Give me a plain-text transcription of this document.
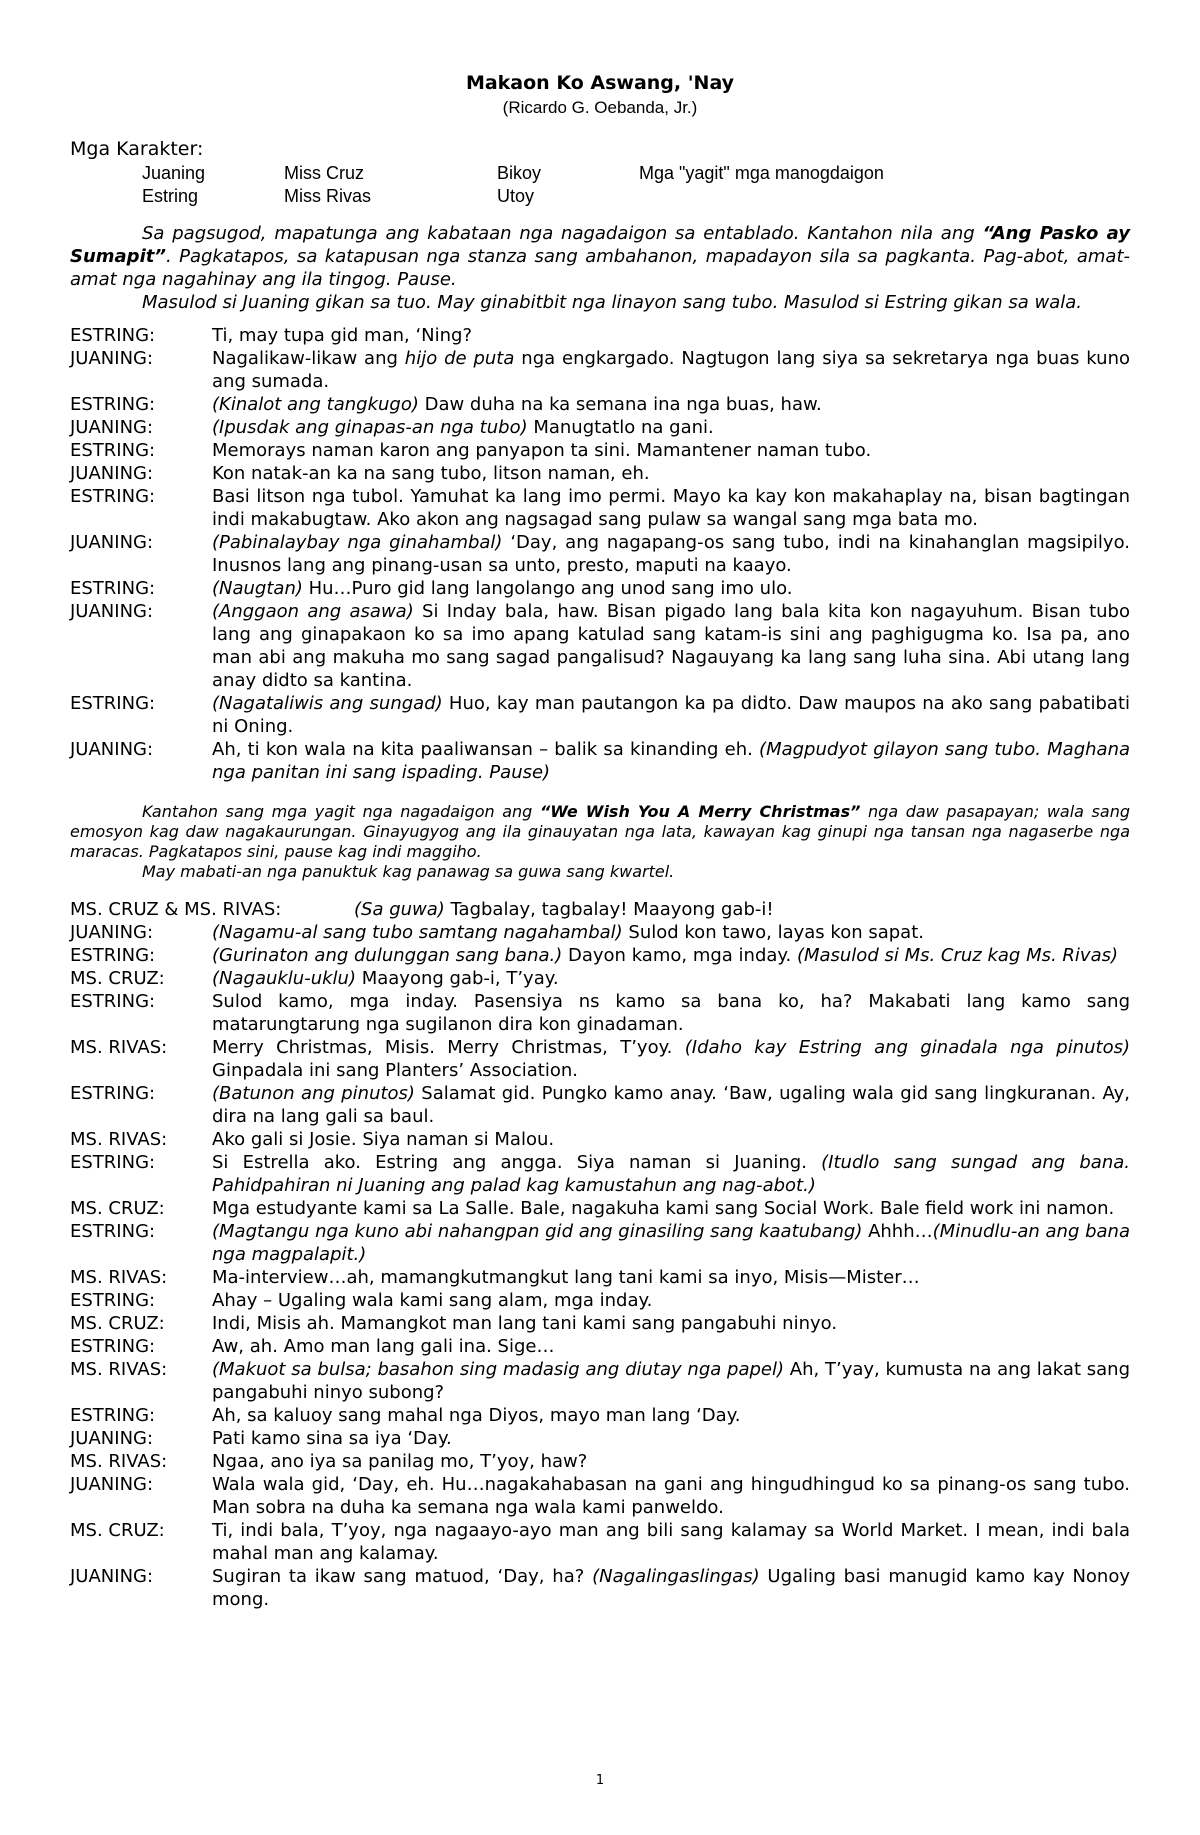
Makaon Ko Aswang, 'Nay

(Ricardo G. Oebanda, Jr.)

Mga Karakter:

Juaning	Miss Cruz	Bikoy	Mga "yagit" mga manogdaigon
Estring	Miss Rivas	Utoy

Sa pagsugod, mapatunga ang kabataan nga nagadaigon sa entablado. Kantahon nila ang “Ang Pasko ay Sumapit”. Pagkatapos, sa katapusan nga stanza sang ambahanon, mapadayon sila sa pagkanta. Pag-abot, amat-amat nga nagahinay ang ila tingog. Pause.

Masulod si Juaning gikan sa tuo. May ginabitbit nga linayon sang tubo. Masulod si Estring gikan sa wala.

ESTRING:	Ti, may tupa gid man, ‘Ning?
JUANING:	Nagalikaw-likaw ang hijo de puta nga engkargado. Nagtugon lang siya sa sekretarya nga buas kuno ang sumada.
ESTRING:	(Kinalot ang tangkugo) Daw duha na ka semana ina nga buas, haw.
JUANING:	(Ipusdak ang ginapas-an nga tubo) Manugtatlo na gani.
ESTRING:	Memorays naman karon ang panyapon ta sini. Mamantener naman tubo.
JUANING:	Kon natak-an ka na sang tubo, litson naman, eh.
ESTRING:	Basi litson nga tubol. Yamuhat ka lang imo permi. Mayo ka kay kon makahaplay na, bisan bagtingan indi makabugtaw. Ako akon ang nagsagad sang pulaw sa wangal sang mga bata mo.
JUANING:	(Pabinalaybay nga ginahambal) ‘Day, ang nagapang-os sang tubo, indi na kinahanglan magsipilyo. Inusnos lang ang pinang-usan sa unto, presto, maputi na kaayo.
ESTRING:	(Naugtan) Hu…Puro gid lang langolango ang unod sang imo ulo.
JUANING:	(Anggaon ang asawa) Si Inday bala, haw. Bisan pigado lang bala kita kon nagayuhum. Bisan tubo lang ang ginapakaon ko sa imo apang katulad sang katam-is sini ang paghigugma ko. Isa pa, ano man abi ang makuha mo sang sagad pangalisud? Nagauyang ka lang sang luha sina. Abi utang lang anay didto sa kantina.
ESTRING:	(Nagataliwis ang sungad) Huo, kay man pautangon ka pa didto. Daw maupos na ako sang pabatibati ni Oning.
JUANING:	Ah, ti kon wala na kita paaliwansan – balik sa kinanding eh. (Magpudyot gilayon sang tubo. Maghana nga panitan ini sang ispading. Pause)

Kantahon sang mga yagit nga nagadaigon ang “We Wish You A Merry Christmas” nga daw pasapayan; wala sang emosyon kag daw nagakaurungan. Ginayugyog ang ila ginauyatan nga lata, kawayan kag ginupi nga tansan nga nagaserbe nga maracas. Pagkatapos sini, pause kag indi maggiho.

May mabati-an nga panuktuk kag panawag sa guwa sang kwartel.

MS. CRUZ & MS. RIVAS:	(Sa guwa) Tagbalay, tagbalay! Maayong gab-i!
JUANING:	(Nagamu-al sang tubo samtang nagahambal) Sulod kon tawo, layas kon sapat.
ESTRING:	(Gurinaton ang dulunggan sang bana.) Dayon kamo, mga inday. (Masulod si Ms. Cruz kag Ms. Rivas)
MS. CRUZ:	(Nagauklu-uklu) Maayong gab-i, T’yay.
ESTRING:	Sulod kamo, mga inday. Pasensiya ns kamo sa bana ko, ha? Makabati lang kamo sang matarungtarung nga sugilanon dira kon ginadaman.
MS. RIVAS:	Merry Christmas, Misis. Merry Christmas, T’yoy. (Idaho kay Estring ang ginadala nga pinutos) Ginpadala ini sang Planters’ Association.
ESTRING:	(Batunon ang pinutos) Salamat gid. Pungko kamo anay. ‘Baw, ugaling wala gid sang lingkuranan. Ay, dira na lang gali sa baul.
MS. RIVAS:	Ako gali si Josie. Siya naman si Malou.
ESTRING:	Si Estrella ako. Estring ang angga. Siya naman si Juaning. (Itudlo sang sungad ang bana. Pahidpahiran ni Juaning ang palad kag kamustahun ang nag-abot.)
MS. CRUZ:	Mga estudyante kami sa La Salle. Bale, nagakuha kami sang Social Work. Bale field work ini namon.
ESTRING:	(Magtangu nga kuno abi nahangpan gid ang ginasiling sang kaatubang) Ahhh…(Minudlu-an ang bana nga magpalapit.)
MS. RIVAS:	Ma-interview…ah, mamangkutmangkut lang tani kami sa inyo, Misis—Mister…
ESTRING:	Ahay – Ugaling wala kami sang alam, mga inday.
MS. CRUZ:	Indi, Misis ah. Mamangkot man lang tani kami sang pangabuhi ninyo.
ESTRING:	Aw, ah. Amo man lang gali ina. Sige…
MS. RIVAS:	(Makuot sa bulsa; basahon sing madasig ang diutay nga papel) Ah, T’yay, kumusta na ang lakat sang pangabuhi ninyo subong?
ESTRING:	Ah, sa kaluoy sang mahal nga Diyos, mayo man lang ‘Day.
JUANING:	Pati kamo sina sa iya ‘Day.
MS. RIVAS:	Ngaa, ano iya sa panilag mo, T’yoy, haw?
JUANING:	Wala wala gid, ‘Day, eh. Hu…nagakahabasan na gani ang hingudhingud ko sa pinang-os sang tubo. Man sobra na duha ka semana nga wala kami panweldo.
MS. CRUZ:	Ti, indi bala, T’yoy, nga nagaayo-ayo man ang bili sang kalamay sa World Market. I mean, indi bala mahal man ang kalamay.
JUANING:	Sugiran ta ikaw sang matuod, ‘Day, ha? (Nagalingaslingas) Ugaling basi manugid kamo kay Nonoy mong.
1
